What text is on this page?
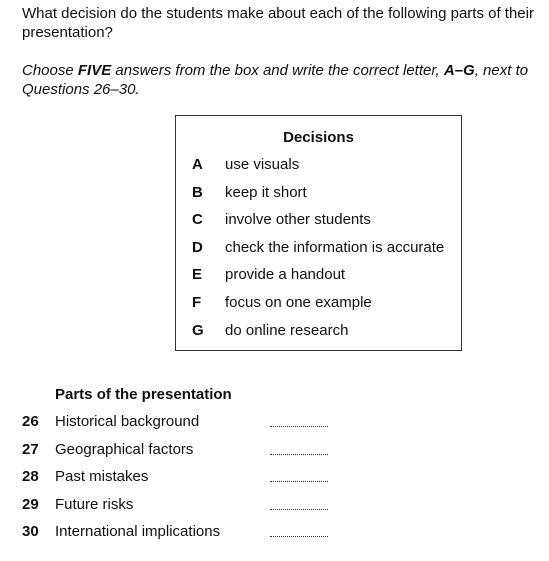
What decision do the students make about each of the following parts of their presentation?

Choose FIVE answers from the box and write the correct letter, A–G, next to Questions 26–30.

Decisions
A use visuals
B keep it short
C involve other students
D check the information is accurate
E provide a handout
F	focus on one example
G do online research
Parts of the presentation
26 Historical background
27 Geographical factors
28 Past mistakes
29 Future risks
30 International implications
